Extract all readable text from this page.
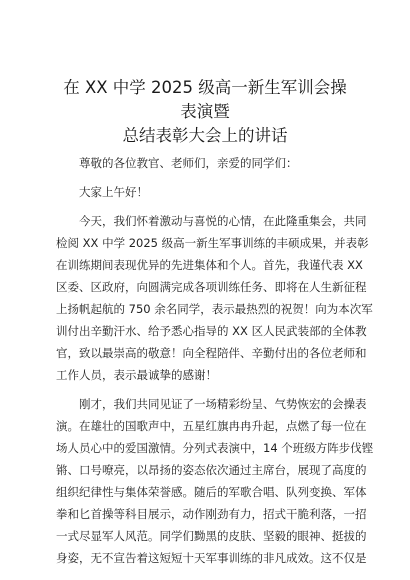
在 XX 中学 2025 级高一新生军训会操表演暨
总结表彰大会上的讲话

尊敬的各位教官、老师们，亲爱的同学们：

大家上午好！

今天，我们怀着激动与喜悦的心情，在此隆重集会，共同
检阅 XX 中学 2025 级高一新生军事训练的丰硕成果，并表彰
在训练期间表现优异的先进集体和个人。首先，我谨代表 XX
区委、区政府，向圆满完成各项训练任务、即将在人生新征程
上扬帆起航的 750 余名同学，表示最热烈的祝贺！向为本次军
训付出辛勤汗水、给予悉心指导的 XX 区人民武装部的全体教
官，致以最崇高的敬意！向全程陪伴、辛勤付出的各位老师和
工作人员，表示最诚挚的感谢！
刚才，我们共同见证了一场精彩纷呈、气势恢宏的会操表
演。在雄壮的国歌声中，五星红旗冉冉升起，点燃了每一位在
场人员心中的爱国激情。分列式表演中，14 个班级方阵步伐铿
锵、口号嘹亮，以昂扬的姿态依次通过主席台，展现了高度的
组织纪律性与集体荣誉感。随后的军歌合唱、队列变换、军体
拳和匕首操等科目展示，动作刚劲有力，招式干脆利落，一招
一式尽显军人风范。同学们黝黑的皮肤、坚毅的眼神、挺拔的
身姿，无不宣告着这短短十天军事训练的非凡成效。这不仅是
